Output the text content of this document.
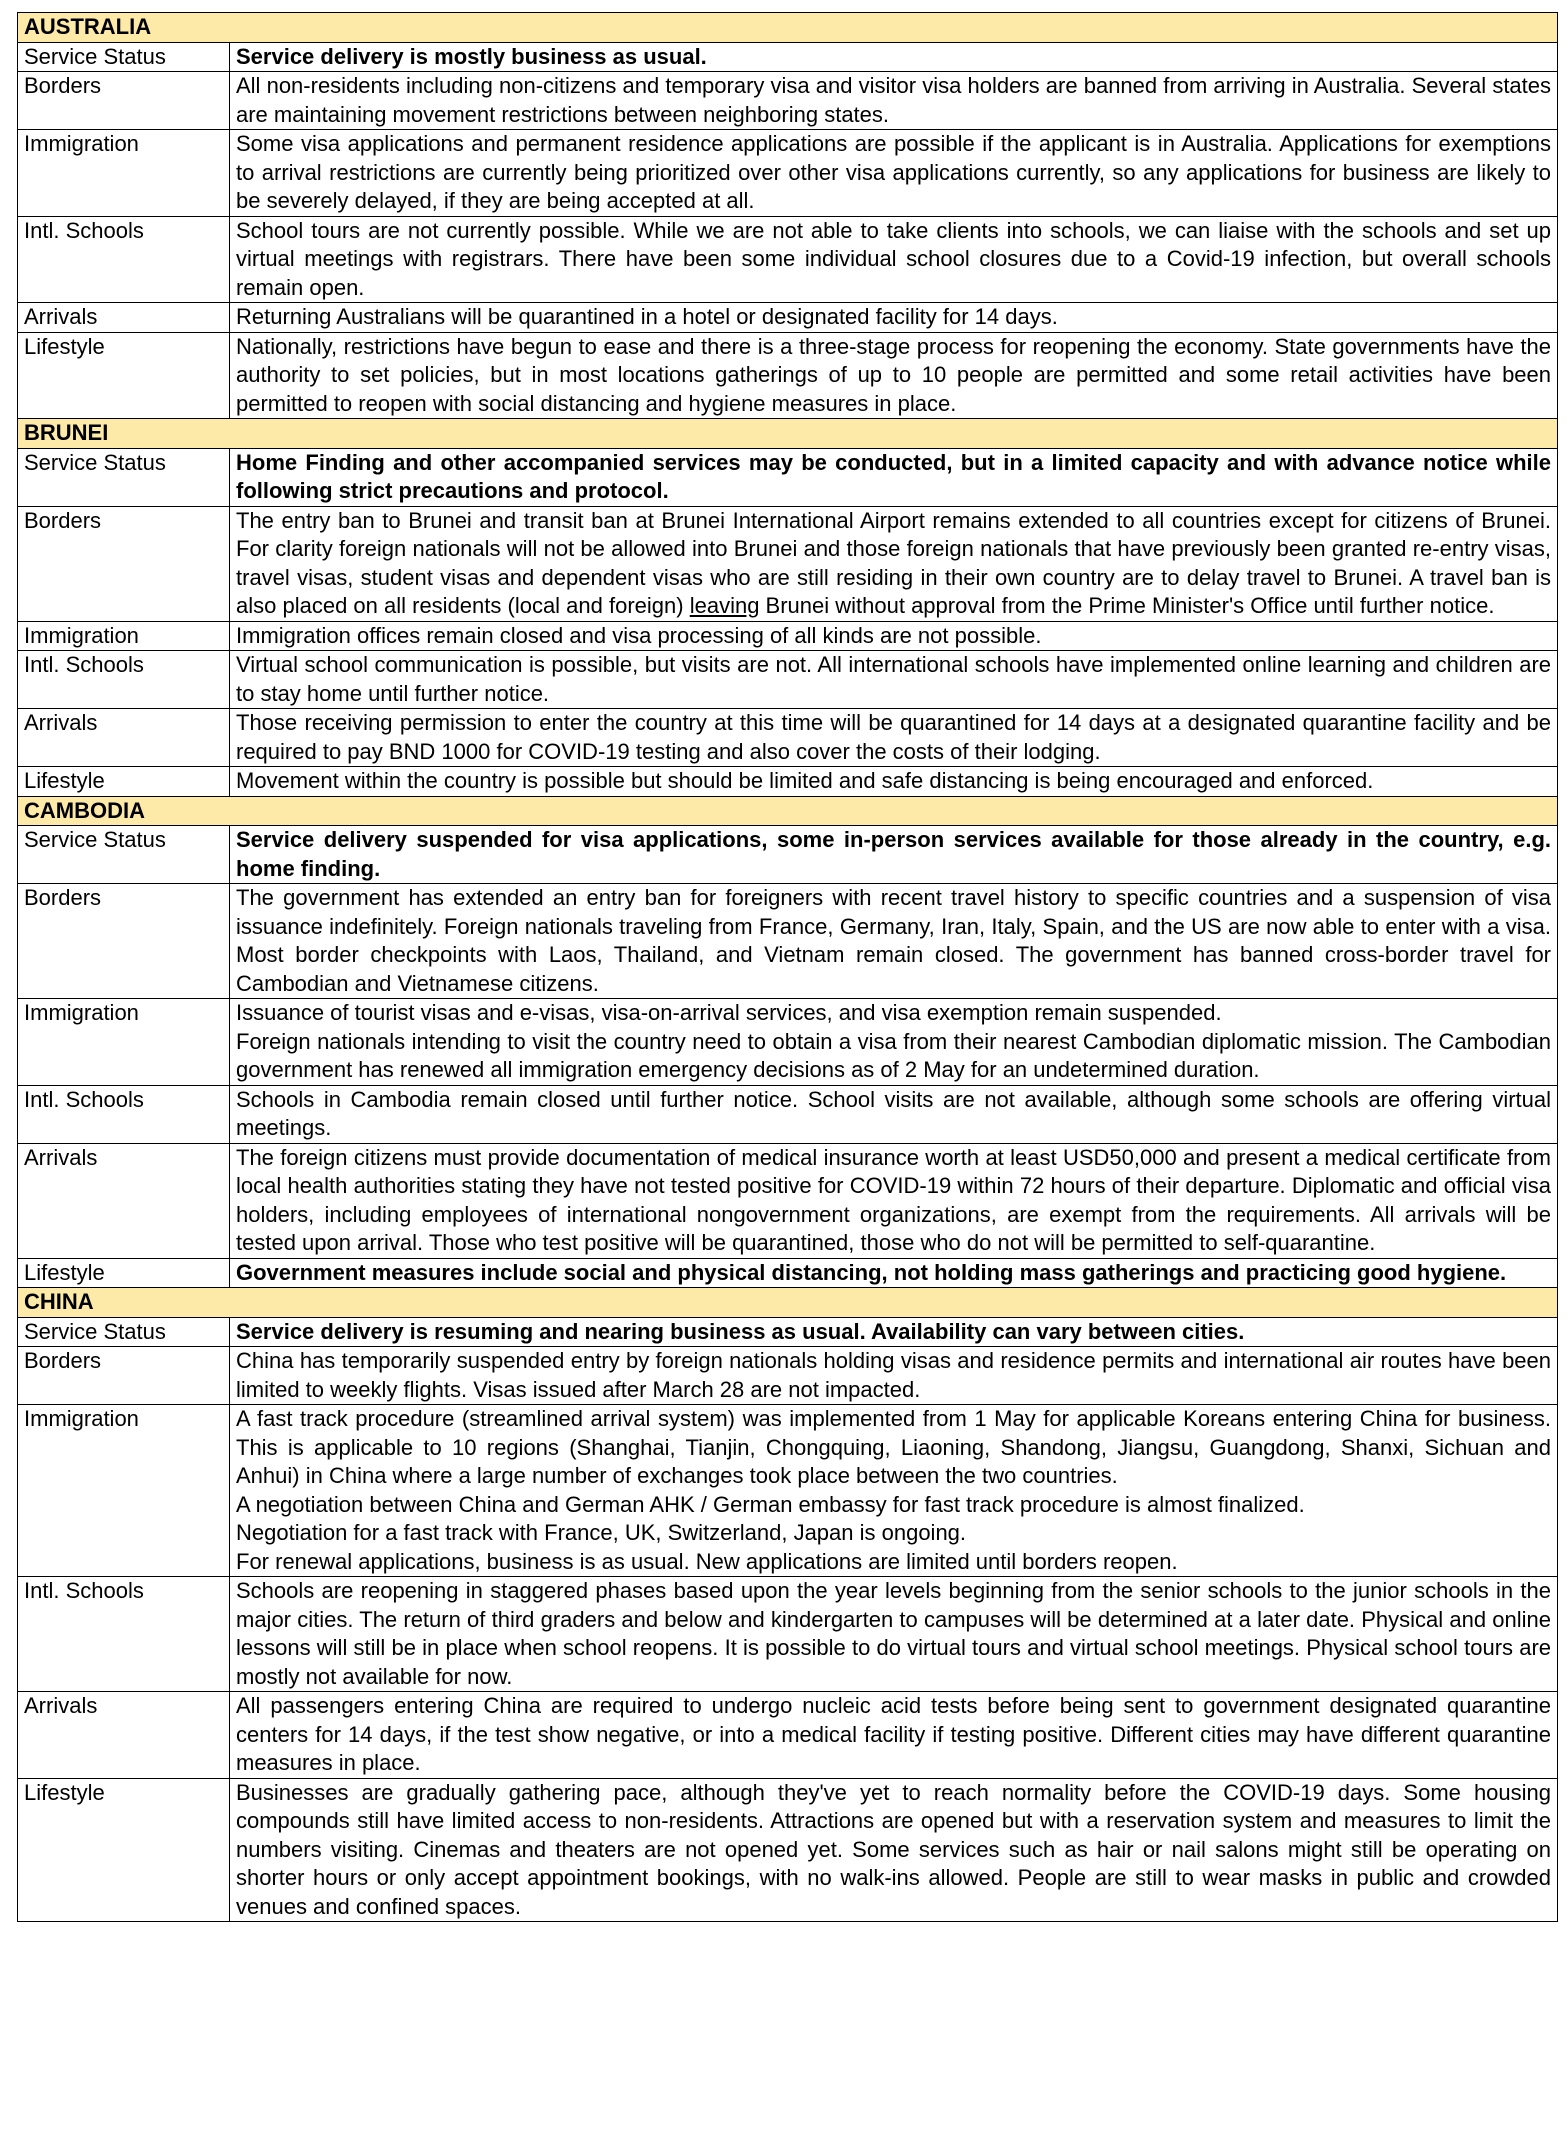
AUSTRALIA	
Service Status	Service delivery is mostly business as usual.

Borders	All non-residents including non-citizens and temporary visa and visitor visa holders are banned from arriving in Australia. Several states are maintaining movement restrictions between neighboring states.

Immigration	Some visa applications and permanent residence applications are possible if the applicant is in Australia. Applications for exemptions to arrival restrictions are currently being prioritized over other visa applications currently, so any applications for business are likely to be severely delayed, if they are being accepted at all.

Intl. Schools	School tours are not currently possible. While we are not able to take clients into schools, we can liaise with the schools and set up virtual meetings with registrars. There have been some individual school closures due to a Covid-19 infection, but overall schools remain open.

Arrivals	Returning Australians will be quarantined in a hotel or designated facility for 14 days.

Lifestyle	Nationally, restrictions have begun to ease and there is a three-stage process for reopening the economy. State governments have the authority to set policies, but in most locations gatherings of up to 10 people are permitted and some retail activities have been permitted to reopen with social distancing and hygiene measures in place.

BRUNEI	
Service Status	Home Finding and other accompanied services may be conducted, but in a limited capacity and with advance notice while following strict precautions and protocol.

Borders	The entry ban to Brunei and transit ban at Brunei International Airport remains extended to all countries except for citizens of Brunei. For clarity foreign nationals will not be allowed into Brunei and those foreign nationals that have previously been granted re-entry visas, travel visas, student visas and dependent visas who are still residing in their own country are to delay travel to Brunei. A travel ban is also placed on all residents (local and foreign) leaving Brunei without approval from the Prime Minister's Office until further notice.

Immigration	Immigration offices remain closed and visa processing of all kinds are not possible.

Intl. Schools	Virtual school communication is possible, but visits are not. All international schools have implemented online learning and children are to stay home until further notice.

Arrivals	Those receiving permission to enter the country at this time will be quarantined for 14 days at a designated quarantine facility and be required to pay BND 1000 for COVID-19 testing and also cover the costs of their lodging.

Lifestyle	Movement within the country is possible but should be limited and safe distancing is being encouraged and enforced.

CAMBODIA	
Service Status	Service delivery suspended for visa applications, some in-person services available for those already in the country, e.g. home finding.

Borders	The government has extended an entry ban for foreigners with recent travel history to specific countries and a suspension of visa issuance indefinitely. Foreign nationals traveling from France, Germany, Iran, Italy, Spain, and the US are now able to enter with a visa. Most border checkpoints with Laos, Thailand, and Vietnam remain closed. The government has banned cross-border travel for Cambodian and Vietnamese citizens.

Immigration	Issuance of tourist visas and e-visas, visa-on-arrival services, and visa exemption remain suspended.
Foreign nationals intending to visit the country need to obtain a visa from their nearest Cambodian diplomatic mission. The Cambodian government has renewed all immigration emergency decisions as of 2 May for an undetermined duration.

Intl. Schools	Schools in Cambodia remain closed until further notice. School visits are not available, although some schools are offering virtual meetings.

Arrivals	The foreign citizens must provide documentation of medical insurance worth at least USD50,000 and present a medical certificate from local health authorities stating they have not tested positive for COVID-19 within 72 hours of their departure. Diplomatic and official visa holders, including employees of international nongovernment organizations, are exempt from the requirements. All arrivals will be tested upon arrival. Those who test positive will be quarantined, those who do not will be permitted to self-quarantine.

Lifestyle	Government measures include social and physical distancing, not holding mass gatherings and practicing good hygiene.

CHINA	
Service Status	Service delivery is resuming and nearing business as usual. Availability can vary between cities.

Borders	China has temporarily suspended entry by foreign nationals holding visas and residence permits and international air routes have been limited to weekly flights. Visas issued after March 28 are not impacted.

Immigration	A fast track procedure (streamlined arrival system) was implemented from 1 May for applicable Koreans entering China for business. This is applicable to 10 regions (Shanghai, Tianjin, Chongquing, Liaoning, Shandong, Jiangsu, Guangdong, Shanxi, Sichuan and Anhui) in China where a large number of exchanges took place between the two countries.
A negotiation between China and German AHK / German embassy for fast track procedure is almost finalized.
Negotiation for a fast track with France, UK, Switzerland, Japan is ongoing.
For renewal applications, business is as usual. New applications are limited until borders reopen.

Intl. Schools	Schools are reopening in staggered phases based upon the year levels beginning from the senior schools to the junior schools in the major cities. The return of third graders and below and kindergarten to campuses will be determined at a later date. Physical and online lessons will still be in place when school reopens. It is possible to do virtual tours and virtual school meetings. Physical school tours are mostly not available for now.

Arrivals	All passengers entering China are required to undergo nucleic acid tests before being sent to government designated quarantine centers for 14 days, if the test show negative, or into a medical facility if testing positive. Different cities may have different quarantine measures in place.

Lifestyle	Businesses are gradually gathering pace, although they've yet to reach normality before the COVID-19 days. Some housing compounds still have limited access to non-residents. Attractions are opened but with a reservation system and measures to limit the numbers visiting. Cinemas and theaters are not opened yet. Some services such as hair or nail salons might still be operating on shorter hours or only accept appointment bookings, with no walk-ins allowed. People are still to wear masks in public and crowded venues and confined spaces.
